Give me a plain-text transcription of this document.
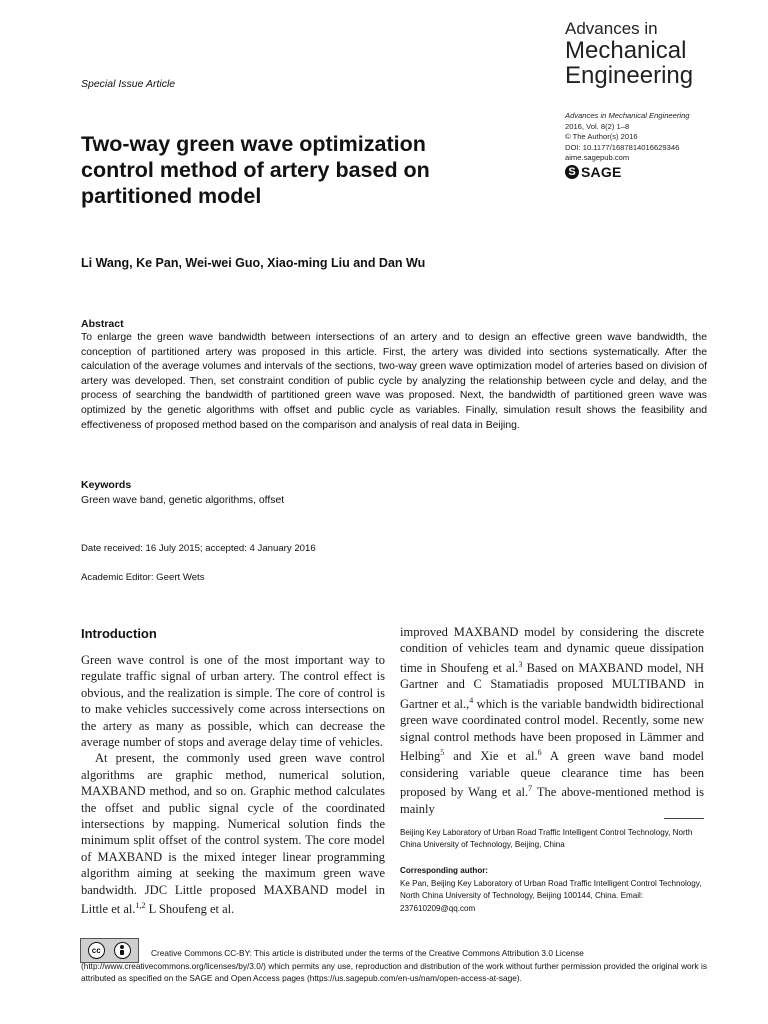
Special Issue Article
Advances in
Mechanical
Engineering
Advances in Mechanical Engineering
2016, Vol. 8(2) 1–8
© The Author(s) 2016
DOI: 10.1177/1687814016629346
aime.sagepub.com
S SAGE
Two-way green wave optimization control method of artery based on partitioned model
Li Wang, Ke Pan, Wei-wei Guo, Xiao-ming Liu and Dan Wu
Abstract
To enlarge the green wave bandwidth between intersections of an artery and to design an effective green wave bandwidth, the conception of partitioned artery was proposed in this article. First, the artery was divided into sections systematically. After the calculation of the average volumes and intervals of the sections, two-way green wave optimization model of arteries based on division of artery was developed. Then, set constraint condition of public cycle by analyzing the relationship between cycle and delay, and the process of searching the bandwidth of partitioned green wave was proposed. Next, the bandwidth of partitioned green wave was optimized by the genetic algorithms with offset and public cycle as variables. Finally, simulation result shows the feasibility and effectiveness of proposed method based on the comparison and analysis of real data in Beijing.
Keywords
Green wave band, genetic algorithms, offset
Date received: 16 July 2015; accepted: 4 January 2016
Academic Editor: Geert Wets
Introduction

Green wave control is one of the most important way to regulate traffic signal of urban artery. The control effect is obvious, and the realization is simple. The core of control is to make vehicles successively come across intersections on the artery as many as possible, which can decrease the average number of stops and average delay time of vehicles.

At present, the commonly used green wave control algorithms are graphic method, numerical solution, MAXBAND method, and so on. Graphic method calculates the offset and public signal cycle of the coordinated intersections by mapping. Numerical solution finds the minimum split offset of the control system. The core model of MAXBAND is the mixed integer linear programming algorithm aiming at seeking the maximum green wave bandwidth. JDC Little proposed MAXBAND model in Little et al.$^{1,2}$ L Shoufeng et al.

improved MAXBAND model by considering the discrete condition of vehicles team and dynamic queue dissipation time in Shoufeng et al.$^3$ Based on MAXBAND model, NH Gartner and C Stamatiadis proposed MULTIBAND in Gartner et al.,$^4$ which is the variable bandwidth bidirectional green wave coordinated control model. Recently, some new signal control methods have been proposed in Lämmer and Helbing$^5$ and Xie et al.$^6$ A green wave band model considering variable queue clearance time has been proposed by Wang et al.$^7$ The above-mentioned method is mainly

Beijing Key Laboratory of Urban Road Traffic Intelligent Control Technology, North China University of Technology, Beijing, China
Corresponding author:
Ke Pan, Beijing Key Laboratory of Urban Road Traffic Intelligent Control Technology, North China University of Technology, Beijing 100144, China. Email: 237610209@qq.com
cc	Creative Commons CC-BY: This article is distributed under the terms of the Creative Commons Attribution 3.0 License
(http://www.creativecommons.org/licenses/by/3.0/) which permits any use, reproduction and distribution of the work without further permission provided the original work is attributed as specified on the SAGE and Open Access pages (https://us.sagepub.com/en-us/nam/open-access-at-sage).
